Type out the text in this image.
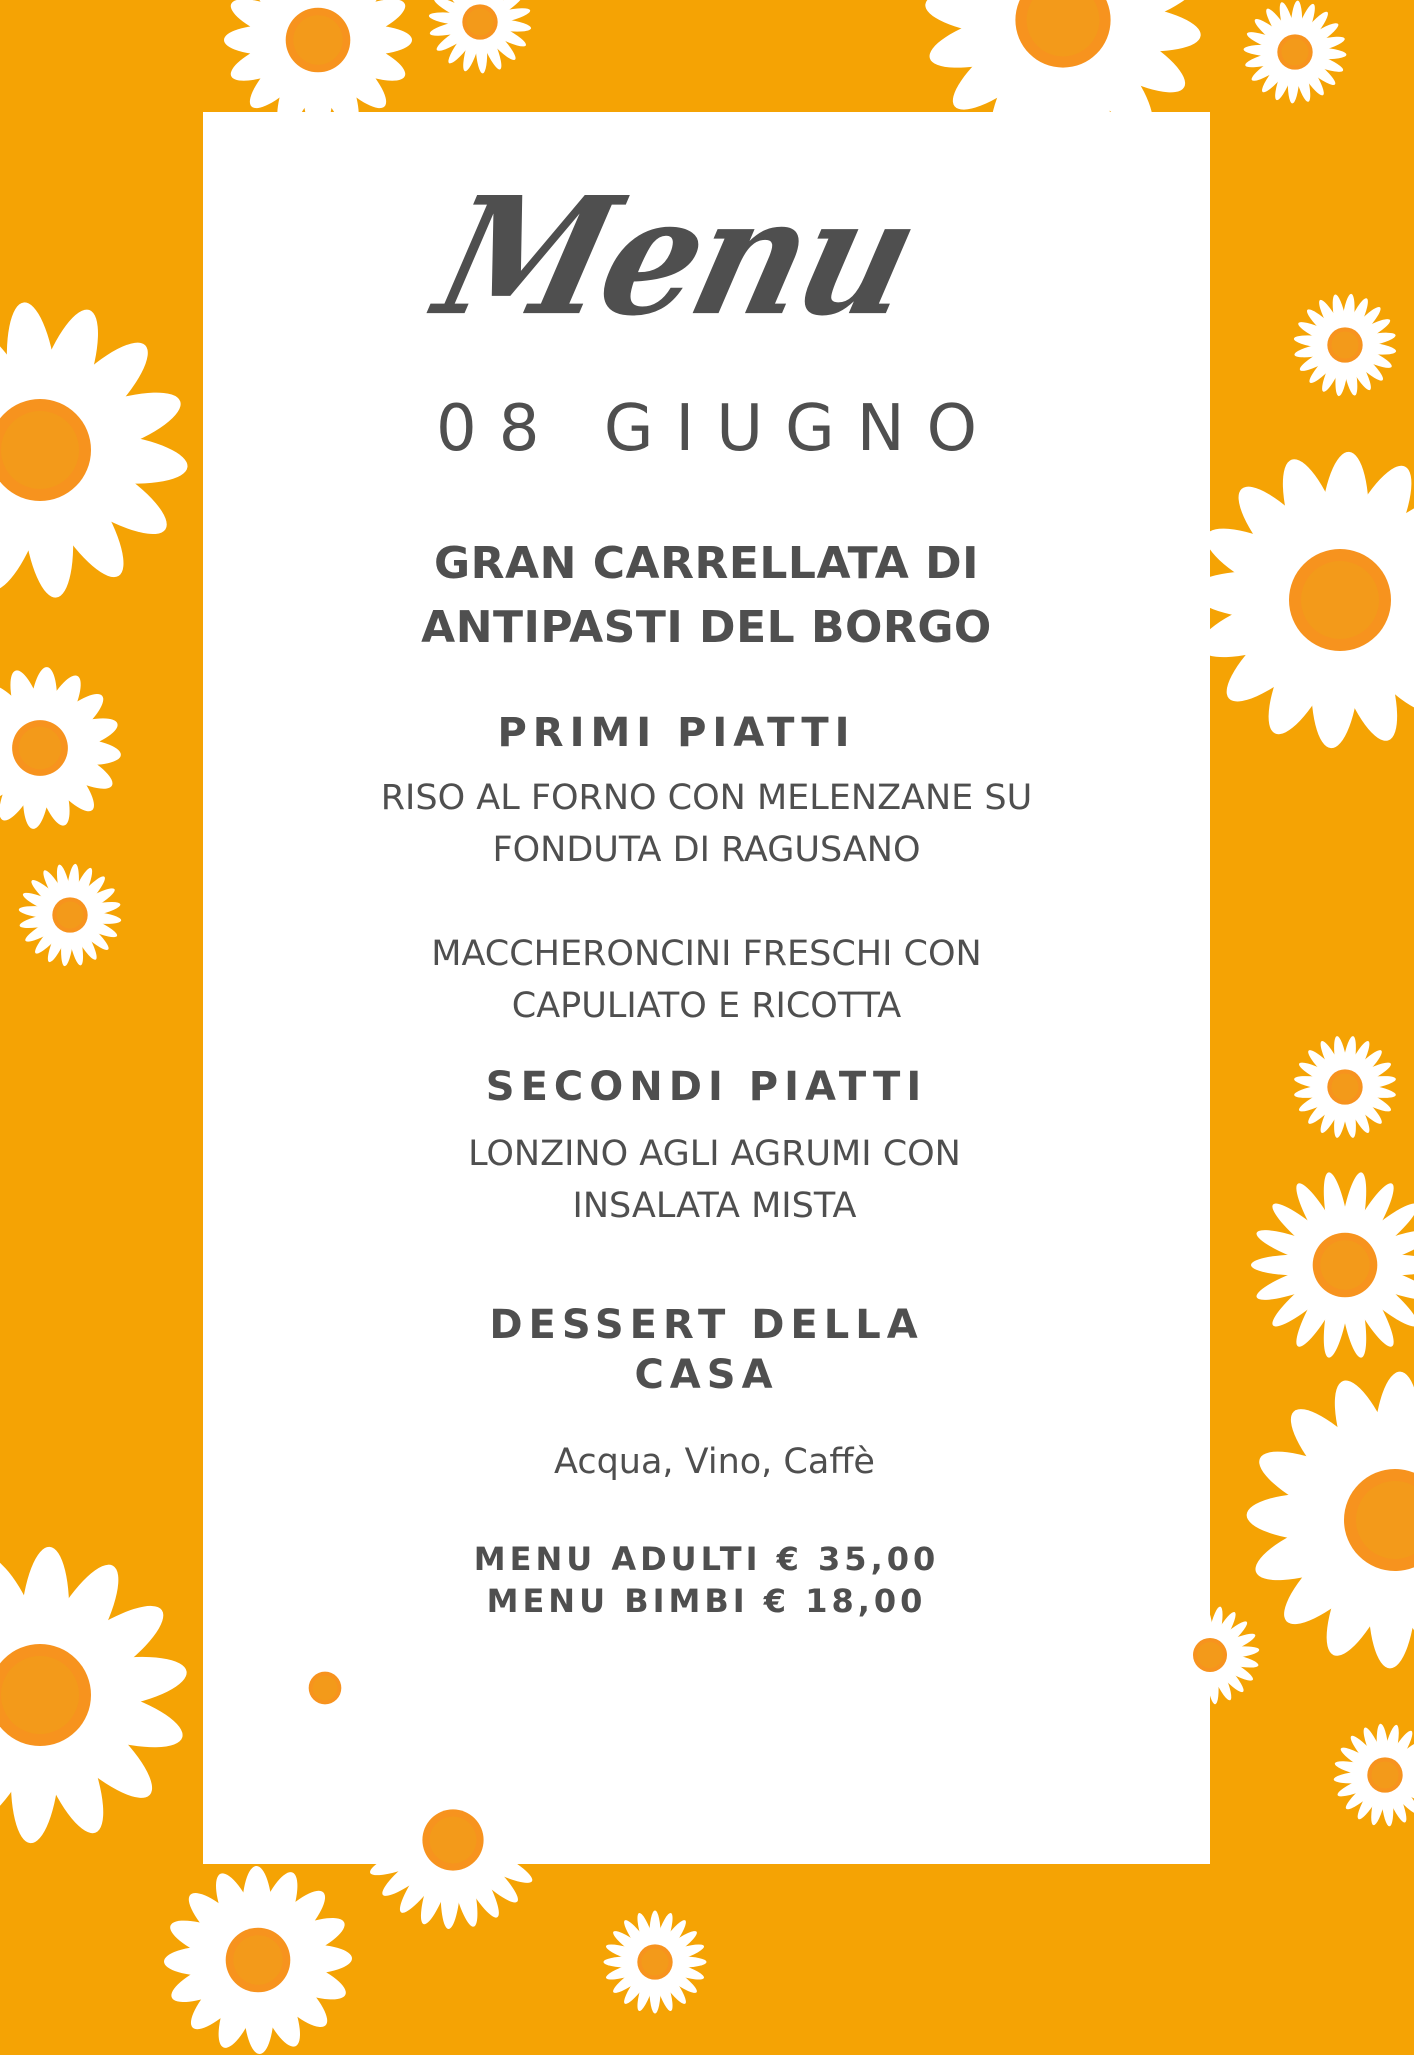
Menu
08 GIUGNO
GRAN CARRELLATA DI
ANTIPASTI DEL BORGO
PRIMI PIATTI
RISO AL FORNO CON MELENZANE SU
FONDUTA DI RAGUSANO
MACCHERONCINI FRESCHI CON
CAPULIATO E RICOTTA
SECONDI PIATTI
LONZINO AGLI AGRUMI CON
INSALATA MISTA
DESSERT DELLA
CASA
Acqua, Vino, Caffè
MENU ADULTI € 35,00
MENU BIMBI € 18,00
